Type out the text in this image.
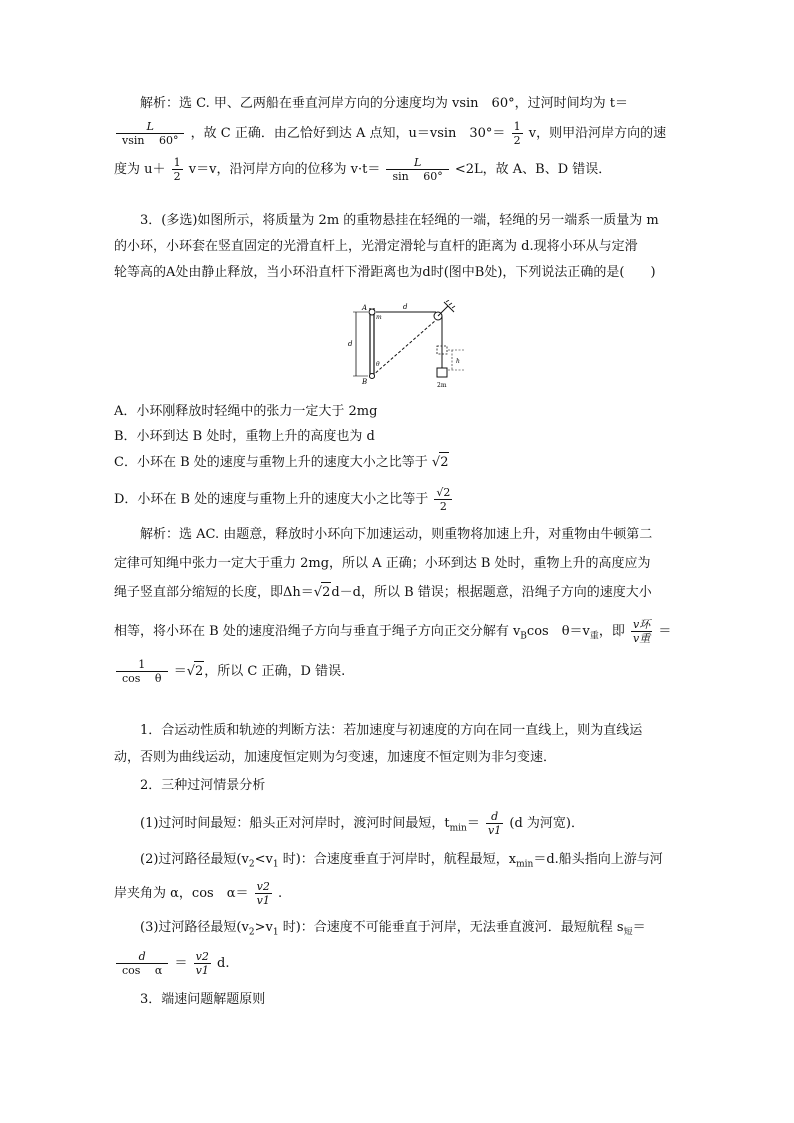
解析：选 C. 甲、乙两船在垂直河岸方向的分速度均为 vsin　60°，过河时间均为 t＝
$\frac{L}{vsin 60^\circ}$ ，故 C 正确．由乙恰好到达 A 点知，u＝vsin　$30^\circ= \frac{1}{2}$ v，则甲沿河岸方向的速
度为 $u+ \frac{1}{2} v=v$，沿河岸方向的位移为 $v\cdot t= \frac{L}{\sin 60^\circ} <2L$，故 A、B、D 错误．
3．(多选)如图所示，将质量为 2m 的重物悬挂在轻绳的一端，轻绳的另一端系一质量为 m
的小环，小环套在竖直固定的光滑直杆上，光滑定滑轮与直杆的距离为 d.现将小环从与定滑
轮等高的A处由静止释放，当小环沿直杆下滑距离也为d时(图中B处)，下列说法正确的是(　　)
A
m
d
d
θ
B
h
2m
A．小环刚释放时轻绳中的张力一定大于 2mg
B．小环到达 B 处时，重物上升的高度也为 d
C．小环在 B 处的速度与重物上升的速度大小之比等于 √2
D．小环在 B 处的速度与重物上升的速度大小之比等于 $\frac{√2}{2}$
解析：选 AC. 由题意，释放时小环向下加速运动，则重物将加速上升，对重物由牛顿第二
定律可知绳中张力一定大于重力 2mg，所以 A 正确；小环到达 B 处时，重物上升的高度应为
绳子竖直部分缩短的长度，即Δh＝√2d－d，所以 B 错误；根据题意，沿绳子方向的速度大小
相等，将小环在 B 处的速度沿绳子方向与垂直于绳子方向正交分解有 $v_B\cos$　$\theta=v_重$，即 $\frac{\text{v环}}{\text{v重}}$ ＝
$\frac{1}{\text{cos　 θ}} =√2$，所以 C 正确，D 错误.
1．合运动性质和轨迹的判断方法：若加速度与初速度的方向在同一直线上，则为直线运
动，否则为曲线运动，加速度恒定则为匀变速，加速度不恒定则为非匀变速．
2．三种过河情景分析
(1)过河时间最短：船头正对河岸时，渡河时间最短，$t_{min}= \frac{d}{v1} (d$ 为河宽)．
(2)过河路径最短($v_2<v_1$ 时)：合速度垂直于河岸时，航程最短，$x_{min}=d$.船头指向上游与河
岸夹角为 α，cos　$\alpha= \frac{v2}{v1}$ .
(3)过河路径最短($v_2>v_1$ 时)：合速度不可能垂直于河岸，无法垂直渡河．最短航程 $s_短=$
$\frac{d}{\text{cos　 α}} = \frac{v2}{v1} d$.
3．端速问题解题原则
